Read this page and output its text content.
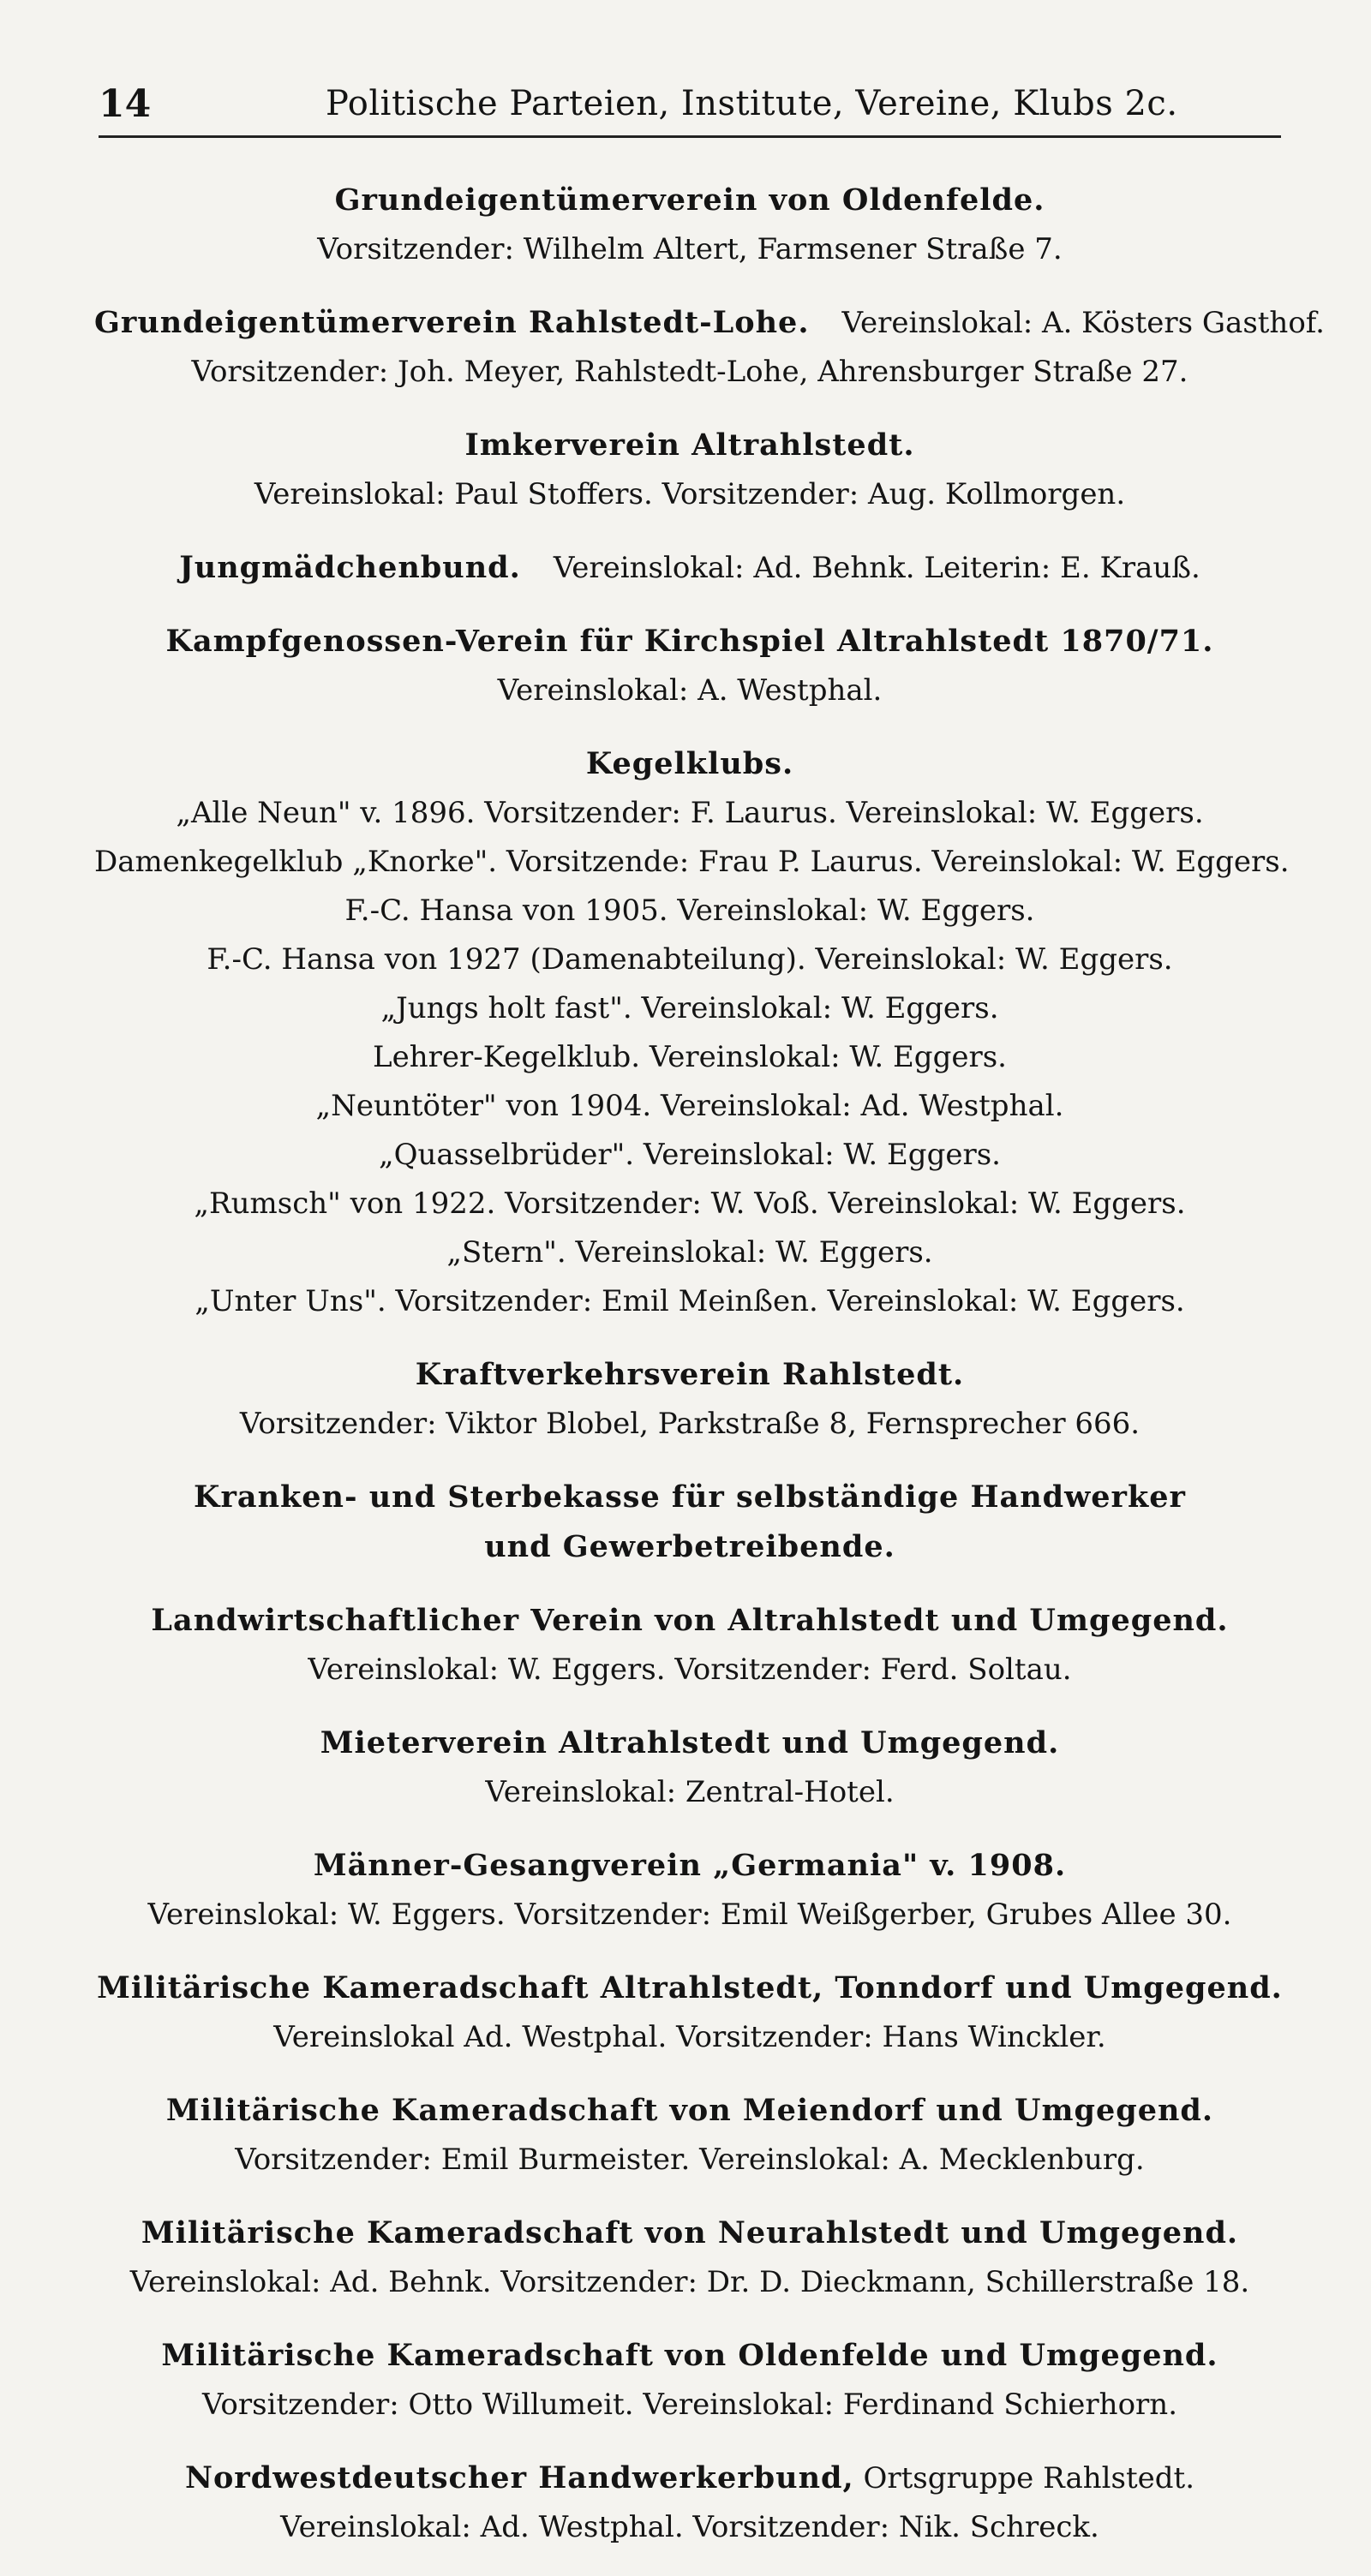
14	Politische Parteien, Institute, Vereine, Klubs 2c.
Grundeigentümerverein von Oldenfelde.
Vorsitzender: Wilhelm Altert, Farmsener Straße 7.
Grundeigentümerverein Rahlstedt-Lohe. Vereinslokal: A. Kösters Gasthof.
Vorsitzender: Joh. Meyer, Rahlstedt-Lohe, Ahrensburger Straße 27.
Imkerverein Altrahlstedt.
Vereinslokal: Paul Stoffers. Vorsitzender: Aug. Kollmorgen.
Jungmädchenbund. Vereinslokal: Ad. Behnk. Leiterin: E. Krauß.
Kampfgenossen-Verein für Kirchspiel Altrahlstedt 1870/71.
Vereinslokal: A. Westphal.
Kegelklubs.
„Alle Neun" v. 1896. Vorsitzender: F. Laurus. Vereinslokal: W. Eggers.
Damenkegelklub „Knorke". Vorsitzende: Frau P. Laurus. Vereinslokal: W. Eggers.
F.-C. Hansa von 1905. Vereinslokal: W. Eggers.
F.-C. Hansa von 1927 (Damenabteilung). Vereinslokal: W. Eggers.
„Jungs holt fast". Vereinslokal: W. Eggers.
Lehrer-Kegelklub. Vereinslokal: W. Eggers.
„Neuntöter" von 1904. Vereinslokal: Ad. Westphal.
„Quasselbrüder". Vereinslokal: W. Eggers.
„Rumsch" von 1922. Vorsitzender: W. Voß. Vereinslokal: W. Eggers.
„Stern". Vereinslokal: W. Eggers.
„Unter Uns". Vorsitzender: Emil Meinßen. Vereinslokal: W. Eggers.
Kraftverkehrsverein Rahlstedt.
Vorsitzender: Viktor Blobel, Parkstraße 8, Fernsprecher 666.
Kranken- und Sterbekasse für selbständige Handwerker
und Gewerbetreibende.
Landwirtschaftlicher Verein von Altrahlstedt und Umgegend.
Vereinslokal: W. Eggers. Vorsitzender: Ferd. Soltau.
Mieterverein Altrahlstedt und Umgegend.
Vereinslokal: Zentral-Hotel.
Männer-Gesangverein „Germania" v. 1908.
Vereinslokal: W. Eggers. Vorsitzender: Emil Weißgerber, Grubes Allee 30.
Militärische Kameradschaft Altrahlstedt, Tonndorf und Umgegend.
Vereinslokal Ad. Westphal. Vorsitzender: Hans Winckler.
Militärische Kameradschaft von Meiendorf und Umgegend.
Vorsitzender: Emil Burmeister. Vereinslokal: A. Mecklenburg.
Militärische Kameradschaft von Neurahlstedt und Umgegend.
Vereinslokal: Ad. Behnk. Vorsitzender: Dr. D. Dieckmann, Schillerstraße 18.
Militärische Kameradschaft von Oldenfelde und Umgegend.
Vorsitzender: Otto Willumeit. Vereinslokal: Ferdinand Schierhorn.
Nordwestdeutscher Handwerkerbund, Ortsgruppe Rahlstedt.
Vereinslokal: Ad. Westphal. Vorsitzender: Nik. Schreck.
